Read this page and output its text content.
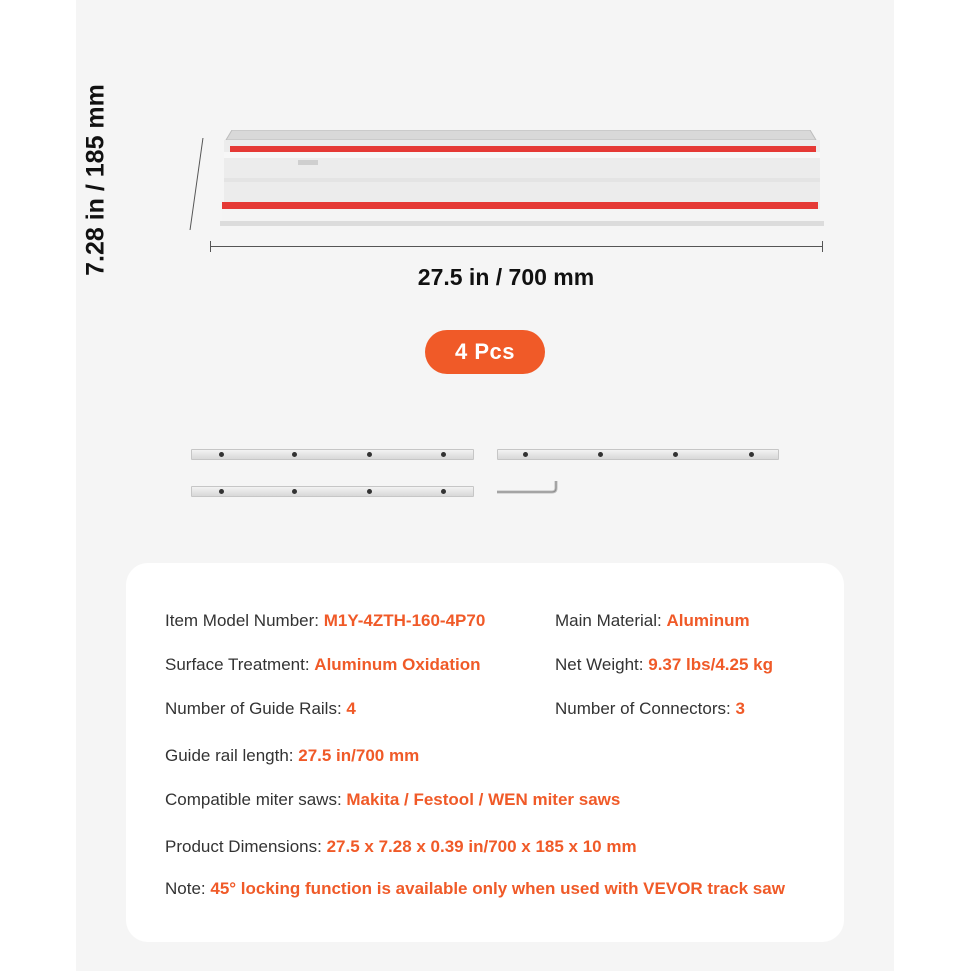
7.28 in / 185 mm
27.5 in / 700 mm
4 Pcs
Item Model Number: M1Y-4ZTH-160-4P70	Main Material: Aluminum
Surface Treatment: Aluminum Oxidation	Net Weight: 9.37 lbs/4.25 kg
Number of Guide Rails: 4	Number of Connectors: 3
Guide rail length: 27.5 in/700 mm
Compatible miter saws: Makita / Festool / WEN miter saws
Product Dimensions: 27.5 x 7.28 x 0.39 in/700 x 185 x 10 mm
Note: 45° locking function is available only when used with VEVOR track saw
